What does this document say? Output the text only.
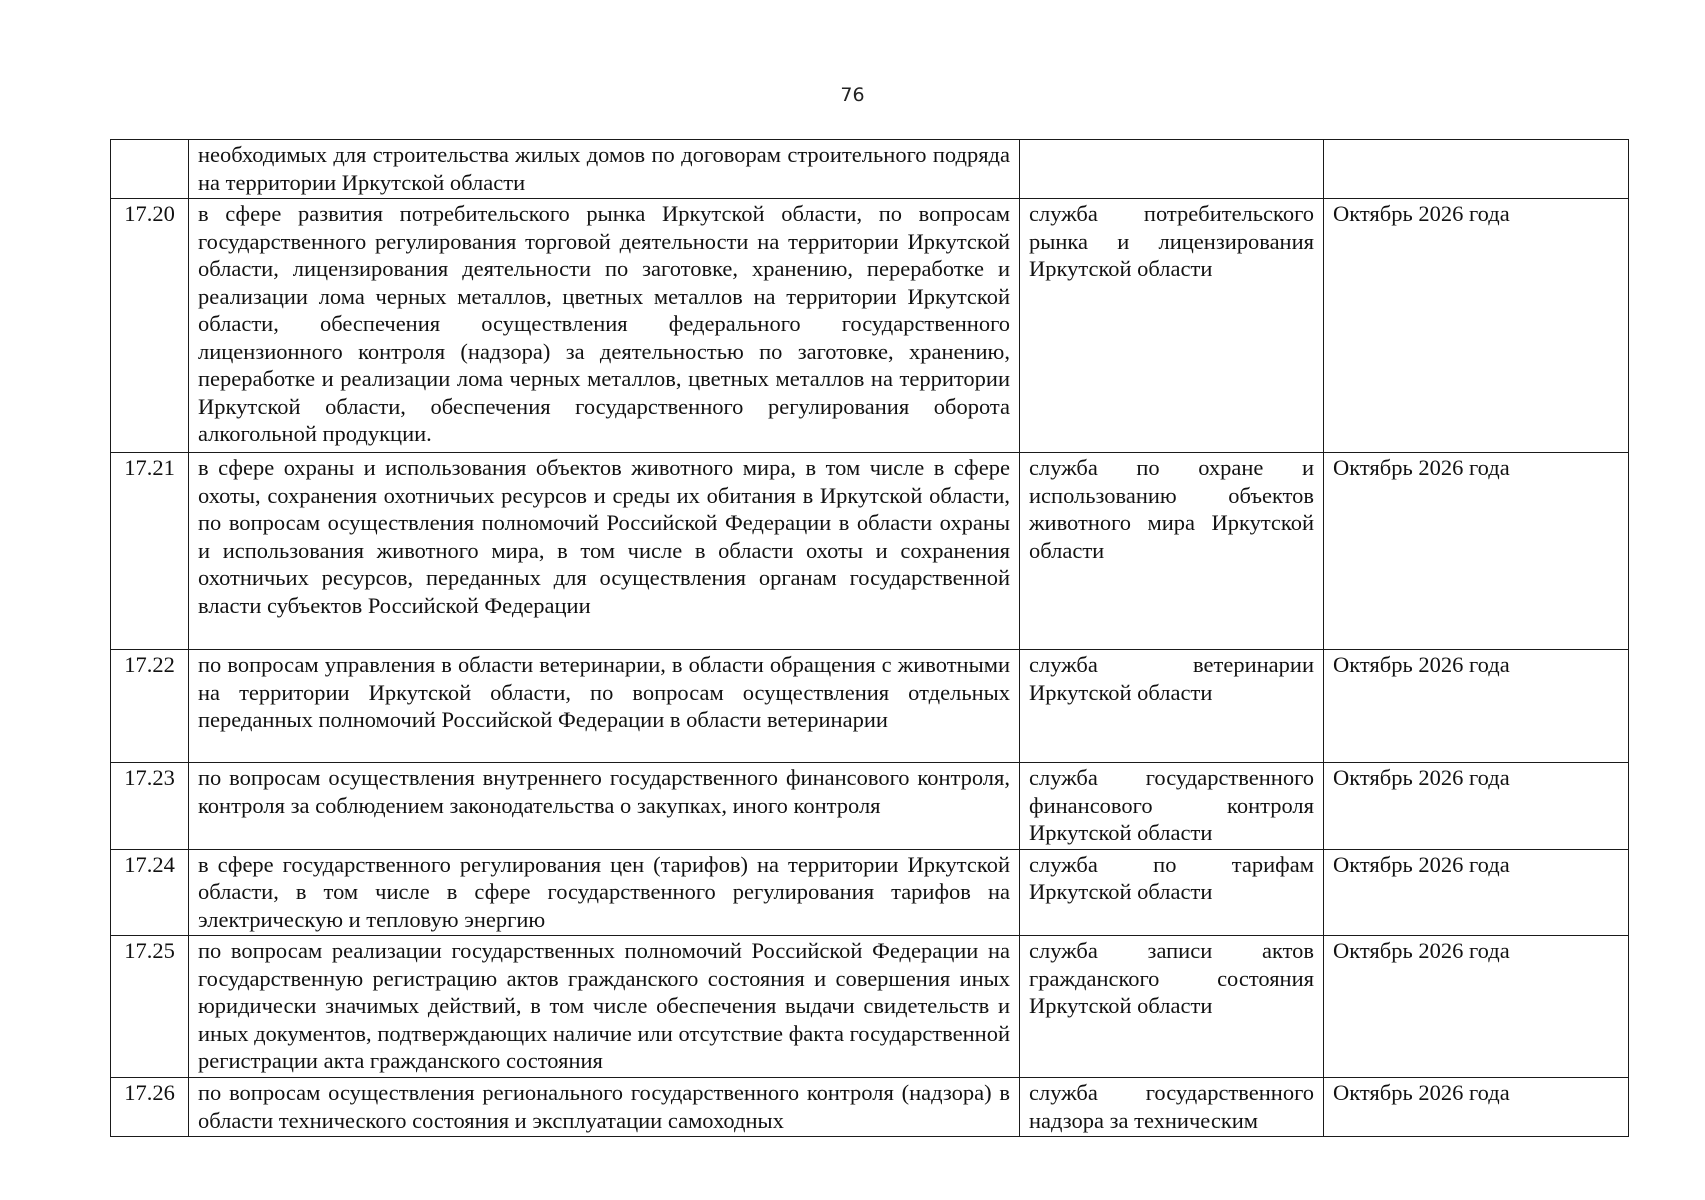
76
	необходимых для строительства жилых домов по договорам строительного подряда на территории Иркутской области		
17.20	в сфере развития потребительского рынка Иркутской области, по вопросам государственного регулирования торговой деятельности на территории Иркутской области, лицензирования деятельности по заготовке, хранению, переработке и реализации лома черных металлов, цветных металлов на территории Иркутской области, обеспечения осуществления федерального государственного лицензионного контроля (надзора) за деятельностью по заготовке, хранению, переработке и реализации лома черных металлов, цветных металлов на территории Иркутской области, обеспечения государственного регулирования оборота алкогольной продукции.	служба потребительского рынка и лицензирования Иркутской области	Октябрь 2026 года
17.21	в сфере охраны и использования объектов животного мира, в том числе в сфере охоты, сохранения охотничьих ресурсов и среды их обитания в Иркутской области, по вопросам осуществления полномочий Российской Федерации в области охраны и использования животного мира, в том числе в области охоты и сохранения охотничьих ресурсов, переданных для осуществления органам государственной власти субъектов Российской Федерации	служба по охране и использованию объектов животного мира Иркутской области	Октябрь 2026 года
17.22	по вопросам управления в области ветеринарии, в области обращения с животными на территории Иркутской области, по вопросам осуществления отдельных переданных полномочий Российской Федерации в области ветеринарии	служба ветеринарии Иркутской области	Октябрь 2026 года
17.23	по вопросам осуществления внутреннего государственного финансового контроля, контроля за соблюдением законодательства о закупках, иного контроля	служба государственного финансового контроля Иркутской области	Октябрь 2026 года
17.24	в сфере государственного регулирования цен (тарифов) на территории Иркутской области, в том числе в сфере государственного регулирования тарифов на электрическую и тепловую энергию	служба по тарифам Иркутской области	Октябрь 2026 года
17.25	по вопросам реализации государственных полномочий Российской Федерации на государственную регистрацию актов гражданского состояния и совершения иных юридически значимых действий, в том числе обеспечения выдачи свидетельств и иных документов, подтверждающих наличие или отсутствие факта государственной регистрации акта гражданского состояния	служба записи актов гражданского состояния Иркутской области	Октябрь 2026 года
17.26	по вопросам осуществления регионального государственного контроля (надзора) в области технического состояния и эксплуатации самоходных	служба государственного надзора за техническим	Октябрь 2026 года
